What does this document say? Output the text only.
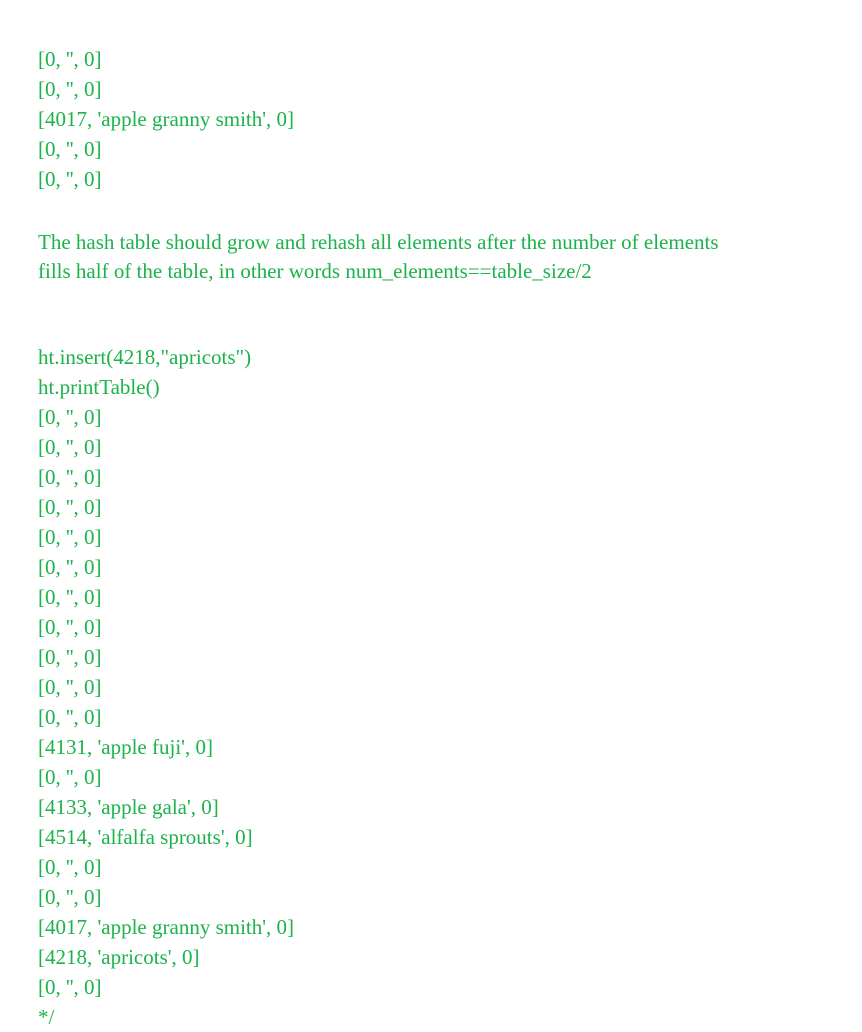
[0, '', 0]
[0, '', 0]
[4017, 'apple granny smith', 0]
[0, '', 0]
[0, '', 0]
The hash table should grow and rehash all elements after the number of elements
fills half of the table, in other words num_elements==table_size/2
ht.insert(4218,"apricots")
ht.printTable()
[0, '', 0]
[0, '', 0]
[0, '', 0]
[0, '', 0]
[0, '', 0]
[0, '', 0]
[0, '', 0]
[0, '', 0]
[0, '', 0]
[0, '', 0]
[0, '', 0]
[4131, 'apple fuji', 0]
[0, '', 0]
[4133, 'apple gala', 0]
[4514, 'alfalfa sprouts', 0]
[0, '', 0]
[0, '', 0]
[4017, 'apple granny smith', 0]
[4218, 'apricots', 0]
[0, '', 0]
*/
